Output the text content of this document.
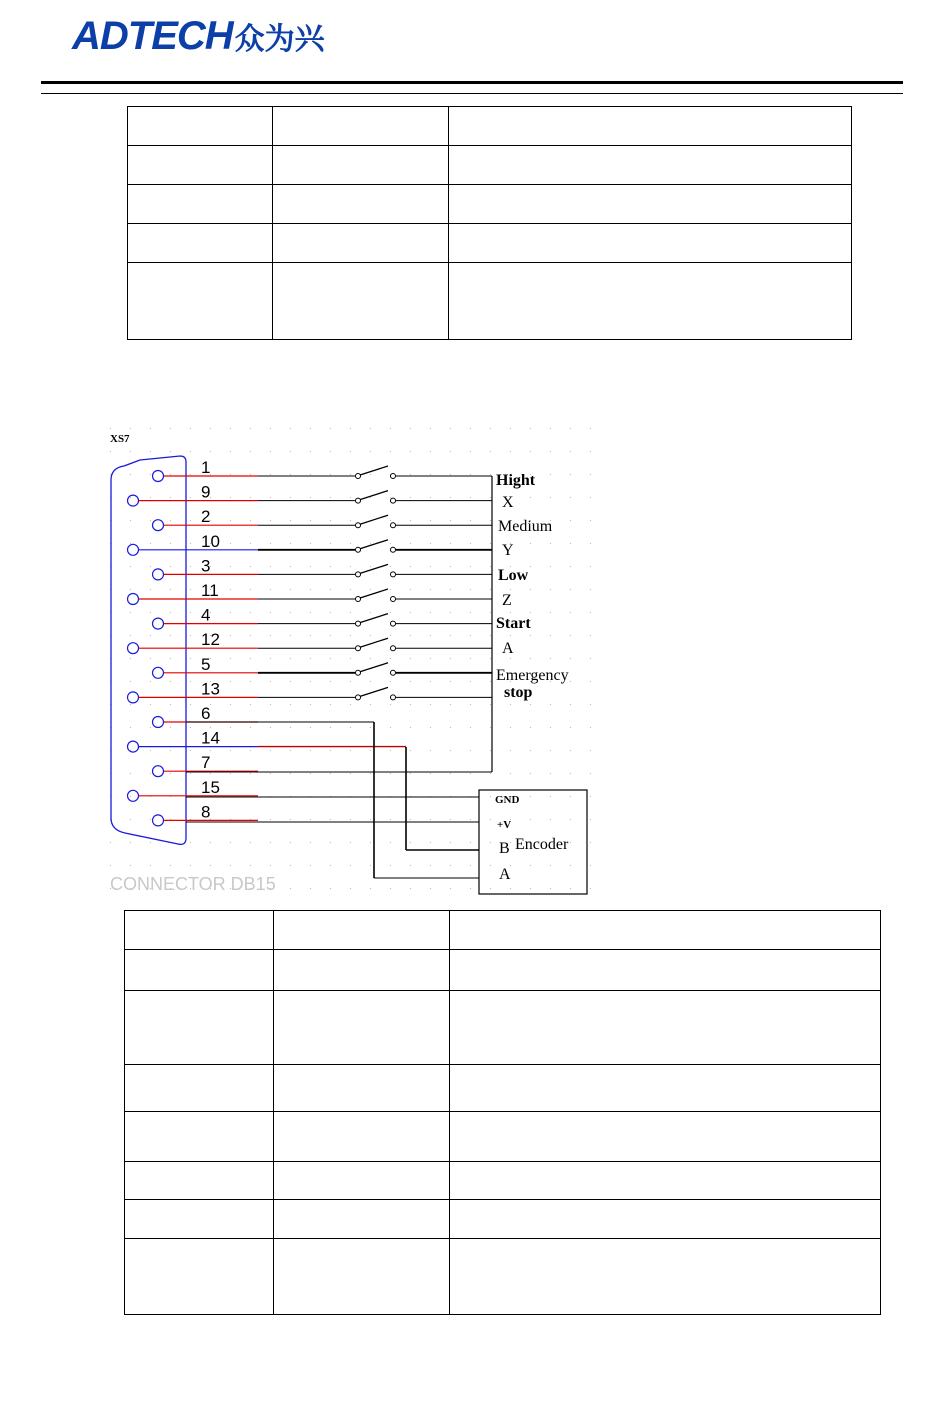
ADTECH众为兴

XS7
CONNECTOR DB15
1
9
2
10
3
11
4
12
5
13
6
14
7
15
8
Hight
X
Medium
Y
Low
Z
Start
A
Emergency
stop
GND
+V
B
A
Encoder
